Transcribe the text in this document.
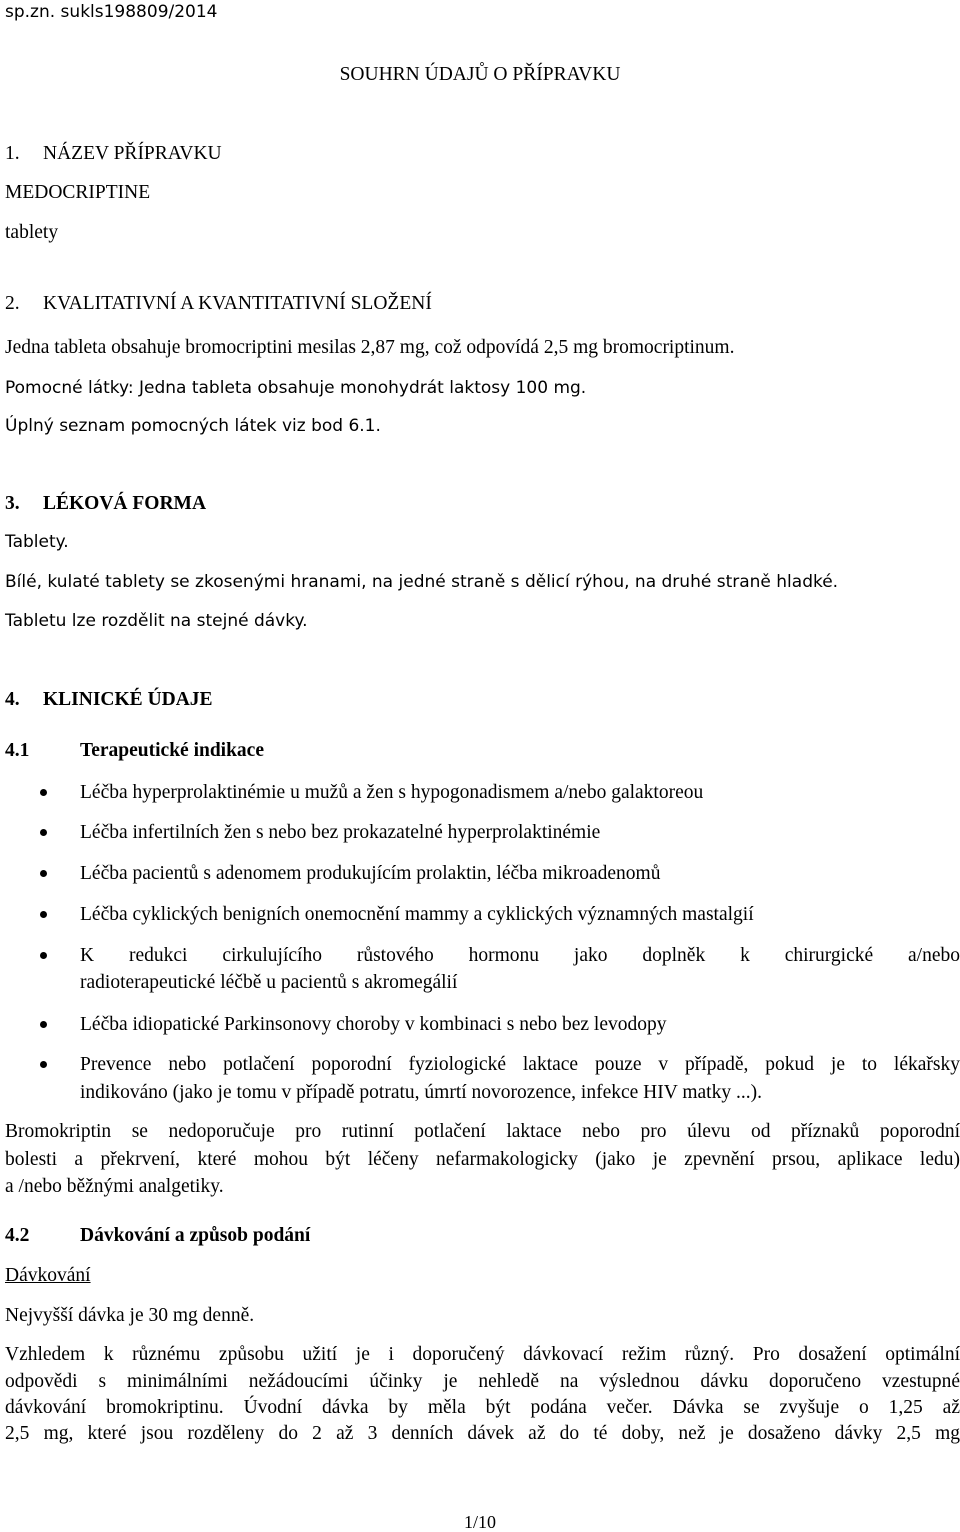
sp.zn. sukls198809/2014
SOUHRN ÚDAJŮ O PŘÍPRAVKU
1. NÁZEV PŘÍPRAVKU
MEDOCRIPTINE
tablety
2. KVALITATIVNÍ A KVANTITATIVNÍ SLOŽENÍ
Jedna tableta obsahuje bromocriptini mesilas 2,87 mg, což odpovídá 2,5 mg bromocriptinum.
Pomocné látky: Jedna tableta obsahuje monohydrát laktosy 100 mg.
Úplný seznam pomocných látek viz bod 6.1.
3. LÉKOVÁ FORMA
Tablety.
Bílé, kulaté tablety se zkosenými hranami, na jedné straně s dělicí rýhou, na druhé straně hladké.
Tabletu lze rozdělit na stejné dávky.
4. KLINICKÉ ÚDAJE
4.1	Terapeutické indikace
Léčba hyperprolaktinémie u mužů a žen s hypogonadismem a/nebo galaktoreou
Léčba infertilních žen s nebo bez prokazatelné hyperprolaktinémie
Léčba pacientů s adenomem produkujícím prolaktin, léčba mikroadenomů
Léčba cyklických benigních onemocnění mammy a cyklických významných mastalgií
K redukci cirkulujícího růstového hormonu jako doplněk k chirurgické a/nebo
radioterapeutické léčbě u pacientů s akromegálií
Léčba idiopatické Parkinsonovy choroby v kombinaci s nebo bez levodopy
Prevence nebo potlačení poporodní fyziologické laktace pouze v případě, pokud je to lékařsky
indikováno (jako je tomu v případě potratu, úmrtí novorozence, infekce HIV matky ...).
Bromokriptin se nedoporučuje pro rutinní potlačení laktace nebo pro úlevu od příznaků poporodní
bolesti a překrvení, které mohou být léčeny nefarmakologicky (jako je zpevnění prsou, aplikace ledu)
a /nebo běžnými analgetiky.
4.2	Dávkování a způsob podání
Dávkování
Nejvyšší dávka je 30 mg denně.
Vzhledem k různému způsobu užití je i doporučený dávkovací režim různý. Pro dosažení optimální
odpovědi s minimálními nežádoucími účinky je nehledě na výslednou dávku doporučeno vzestupné
dávkování bromokriptinu. Úvodní dávka by měla být podána večer. Dávka se zvyšuje o 1,25 až
2,5 mg, které jsou rozděleny do 2 až 3 denních dávek až do té doby, než je dosaženo dávky 2,5 mg
1/10
